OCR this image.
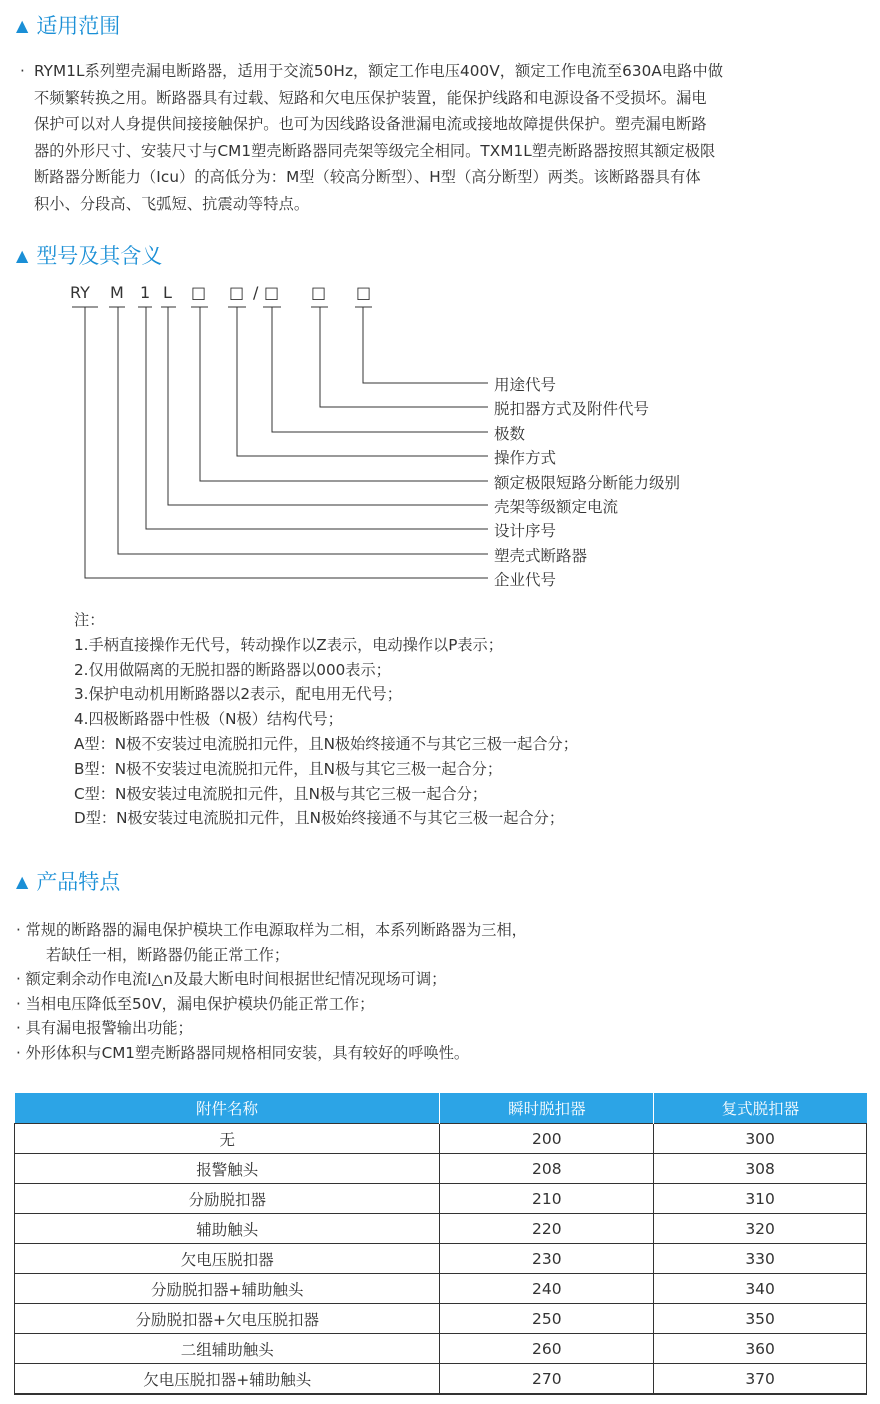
▲ 适用范围
· RYM1L系列塑壳漏电断路器，适用于交流50Hz，额定工作电压400V，额定工作电流至630A电路中做
不频繁转换之用。断路器具有过载、短路和欠电压保护装置，能保护线路和电源设备不受损坏。漏电
保护可以对人身提供间接接触保护。也可为因线路设备泄漏电流或接地故障提供保护。塑壳漏电断路
器的外形尺寸、安装尺寸与CM1塑壳断路器同壳架等级完全相同。TXM1L塑壳断路器按照其额定极限
断路器分断能力（Icu）的高低分为：M型（较高分断型）、H型（高分断型）两类。该断路器具有体
积小、分段高、飞弧短、抗震动等特点。
▲ 型号及其含义
RY M 1 L □ □ / □ □ □
用途代号
脱扣器方式及附件代号
极数
操作方式
额定极限短路分断能力级别
壳架等级额定电流
设计序号
塑壳式断路器
企业代号
注：
1.手柄直接操作无代号，转动操作以Z表示，电动操作以P表示；
2.仅用做隔离的无脱扣器的断路器以000表示；
3.保护电动机用断路器以2表示，配电用无代号；
4.四极断路器中性极（N极）结构代号；
A型：N极不安装过电流脱扣元件，且N极始终接通不与其它三极一起合分；
B型：N极不安装过电流脱扣元件，且N极与其它三极一起合分；
C型：N极安装过电流脱扣元件，且N极与其它三极一起合分；
D型：N极安装过电流脱扣元件，且N极始终接通不与其它三极一起合分；
▲ 产品特点
· 常规的断路器的漏电保护模块工作电源取样为二相，本系列断路器为三相，
若缺任一相，断路器仍能正常工作；
· 额定剩余动作电流I△n及最大断电时间根据世纪情况现场可调；
· 当相电压降低至50V，漏电保护模块仍能正常工作；
· 具有漏电报警输出功能；
· 外形体积与CM1塑壳断路器同规格相同安装，具有较好的呼唤性。
附件名称	瞬时脱扣器	复式脱扣器
无	200	300
报警触头	208	308
分励脱扣器	210	310
辅助触头	220	320
欠电压脱扣器	230	330
分励脱扣器+辅助触头	240	340
分励脱扣器+欠电压脱扣器	250	350
二组辅助触头	260	360
欠电压脱扣器+辅助触头	270	370
